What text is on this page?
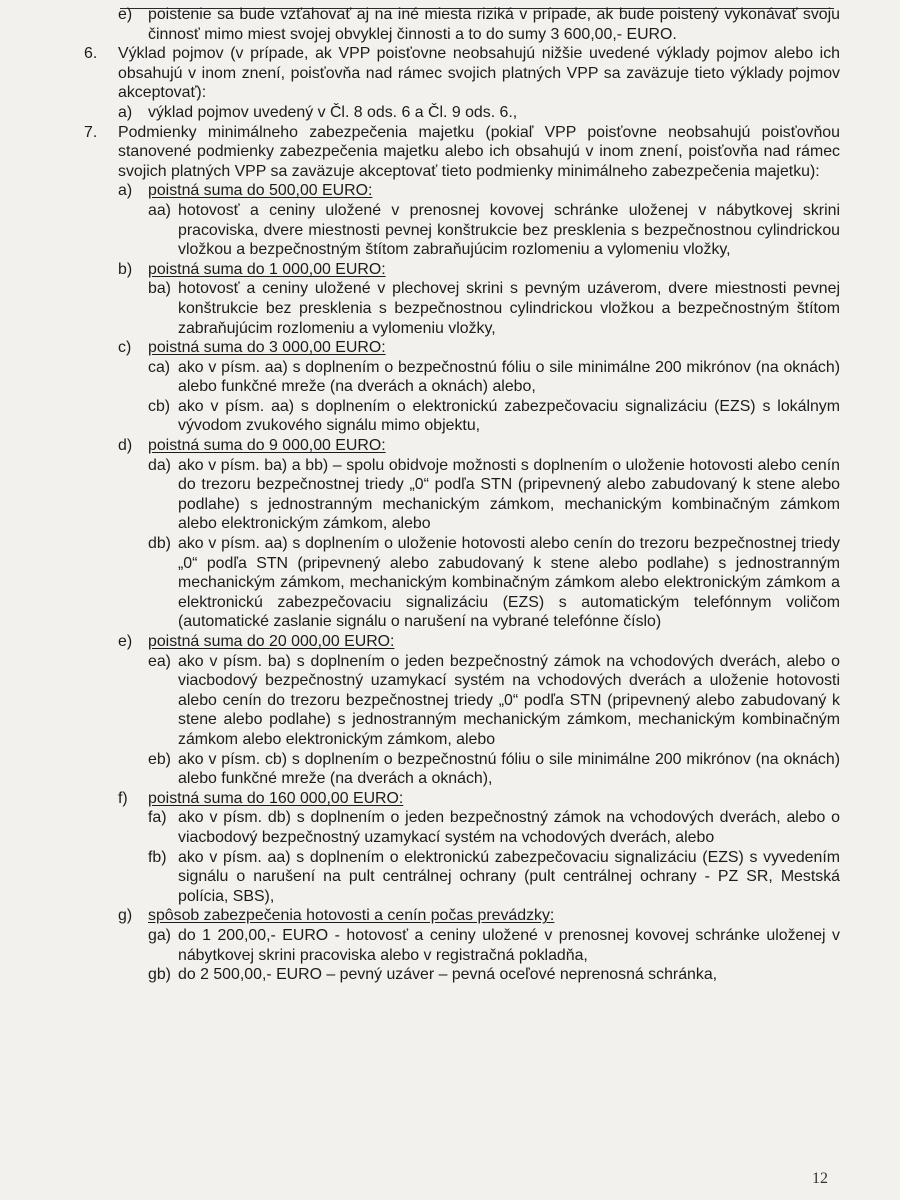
e) poistenie sa bude vzťahovať aj na iné miesta riziká v prípade, ak bude poistený vykonávať svoju činnosť mimo miest svojej obvyklej činnosti a to do sumy 3 600,00,- EURO.
6. Výklad pojmov (v prípade, ak VPP poisťovne neobsahujú nižšie uvedené výklady pojmov alebo ich obsahujú v inom znení, poisťovňa nad rámec svojich platných VPP sa zaväzuje tieto výklady pojmov akceptovať):
a) výklad pojmov uvedený v Čl. 8 ods. 6 a Čl. 9 ods. 6.,
7. Podmienky minimálneho zabezpečenia majetku (pokiaľ VPP poisťovne neobsahujú poisťovňou stanovené podmienky zabezpečenia majetku alebo ich obsahujú v inom znení, poisťovňa nad rámec svojich platných VPP sa zaväzuje akceptovať tieto podmienky minimálneho zabezpečenia majetku):
a) poistná suma do 500,00 EURO:
aa) hotovosť a ceniny uložené v prenosnej kovovej schránke uloženej v nábytkovej skrini pracoviska, dvere miestnosti pevnej konštrukcie bez presklenia s bezpečnostnou cylindrickou vložkou a bezpečnostným štítom zabraňujúcim rozlomeniu a vylomeniu vložky,
b) poistná suma do 1 000,00 EURO:
ba) hotovosť a ceniny uložené v plechovej skrini s pevným uzáverom, dvere miestnosti pevnej konštrukcie bez presklenia s bezpečnostnou cylindrickou vložkou a bezpečnostným štítom zabraňujúcim rozlomeniu a vylomeniu vložky,
c) poistná suma do 3 000,00 EURO:
ca) ako v písm. aa) s doplnením o bezpečnostnú fóliu o sile minimálne 200 mikrónov (na oknách) alebo funkčné mreže (na dverách a oknách) alebo,
cb) ako v písm. aa) s doplnením o elektronickú zabezpečovaciu signalizáciu (EZS) s lokálnym vývodom zvukového signálu mimo objektu,
d) poistná suma do 9 000,00 EURO:
da) ako v písm. ba) a bb) – spolu obidvoje možnosti s doplnením o uloženie hotovosti alebo cenín do trezoru bezpečnostnej triedy „0“ podľa STN (pripevnený alebo zabudovaný k stene alebo podlahe) s jednostranným mechanickým zámkom, mechanickým kombinačným zámkom alebo elektronickým zámkom, alebo
db) ako v písm. aa) s doplnením o uloženie hotovosti alebo cenín do trezoru bezpečnostnej triedy „0“ podľa STN (pripevnený alebo zabudovaný k stene alebo podlahe) s jednostranným mechanickým zámkom, mechanickým kombinačným zámkom alebo elektronickým zámkom a elektronickú zabezpečovaciu signalizáciu (EZS) s automatickým telefónnym voličom (automatické zaslanie signálu o narušení na vybrané telefónne číslo)
e) poistná suma do 20 000,00 EURO:
ea) ako v písm. ba) s doplnením o jeden bezpečnostný zámok na vchodových dverách, alebo o viacbodový bezpečnostný uzamykací systém na vchodových dverách a uloženie hotovosti alebo cenín do trezoru bezpečnostnej triedy „0“ podľa STN (pripevnený alebo zabudovaný k stene alebo podlahe) s jednostranným mechanickým zámkom, mechanickým kombinačným zámkom alebo elektronickým zámkom, alebo
eb) ako v písm. cb) s doplnením o bezpečnostnú fóliu o sile minimálne 200 mikrónov (na oknách) alebo funkčné mreže (na dverách a oknách),
f) poistná suma do 160 000,00 EURO:
fa) ako v písm. db) s doplnením o jeden bezpečnostný zámok na vchodových dverách, alebo o viacbodový bezpečnostný uzamykací systém na vchodových dverách, alebo
fb) ako v písm. aa) s doplnením o elektronickú zabezpečovaciu signalizáciu (EZS) s vyvedením signálu o narušení na pult centrálnej ochrany (pult centrálnej ochrany - PZ SR, Mestská polícia, SBS),
g) spôsob zabezpečenia hotovosti a cenín počas prevádzky:
ga) do 1 200,00,- EURO - hotovosť a ceniny uložené v prenosnej kovovej schránke uloženej v nábytkovej skrini pracoviska alebo v registračná pokladňa,
gb) do 2 500,00,- EURO – pevný uzáver – pevná oceľové neprenosná schránka,
12
